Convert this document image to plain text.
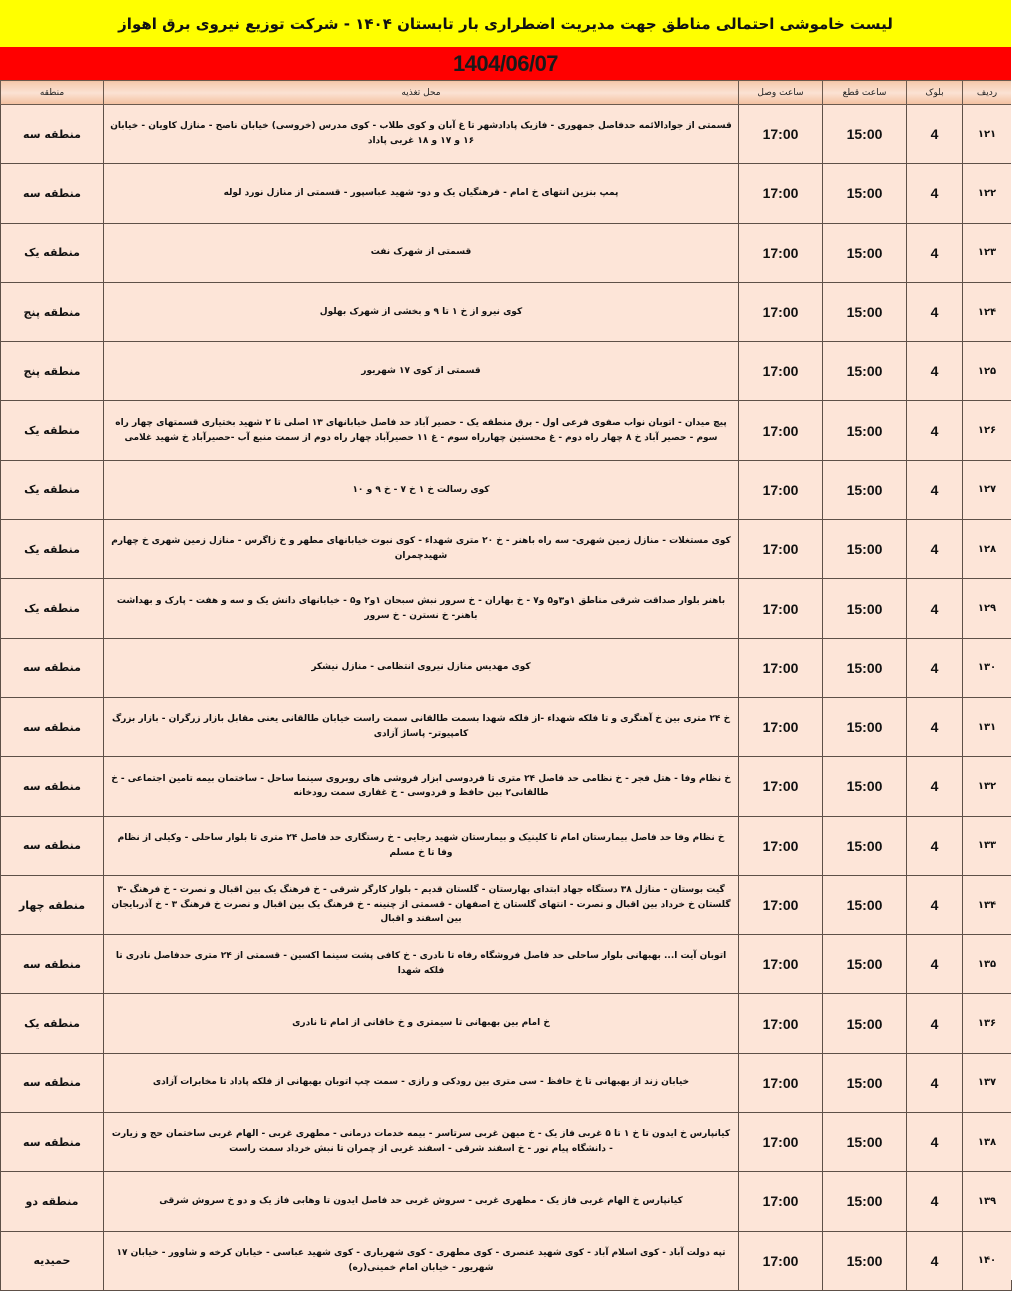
لیست خاموشی احتمالی مناطق جهت مدیریت اضطراری بار تابستان ۱۴۰۴ - شرکت توزیع نیروی برق اهواز
1404/06/07
منطقه	محل تغذیه	ساعت وصل	ساعت قطع	بلوک	ردیف
منطقه سه	قسمتی از جوادالائمه حدفاصل جمهوری - فازیک پادادشهر تا غ آبان و کوی طلاب - کوی مدرس (خروسی) خیابان ناصح - منازل کاویان - خیابان ۱۶ و ۱۷ و ۱۸ غربی پاداد	17:00	15:00	4	۱۲۱
منطقه سه	پمپ بنزین انتهای خ امام - فرهنگیان یک و دو- شهید عباسپور - قسمتی از منازل نورد لوله	17:00	15:00	4	۱۲۲
منطقه یک	قسمتی از شهرک نفت	17:00	15:00	4	۱۲۳
منطقه پنج	کوی نیرو از خ ۱ تا ۹ و بخشی از شهرک بهلول	17:00	15:00	4	۱۲۴
منطقه پنج	قسمتی از کوی ۱۷ شهریور	17:00	15:00	4	۱۲۵
منطقه یک	پیچ میدان - اتوبان نواب صفوی فرعی اول - برق منطقه یک - حصیر آباد حد فاصل خیابانهای ۱۳ اصلی تا ۲ شهید بختیاری قسمتهای چهار راه سوم - حصیر آباد خ ۸ چهار راه دوم - غ محسنین چهارراه سوم - غ ۱۱ حصیرآباد چهار راه دوم از سمت منبع آب -حصیرآباد خ شهید غلامی	17:00	15:00	4	۱۲۶
منطقه یک	کوی رسالت خ ۱ خ ۷ - خ ۹ و ۱۰	17:00	15:00	4	۱۲۷
منطقه یک	کوی مستغلات - منازل زمین شهری- سه راه باهنر - خ ۲۰ متری شهداء - کوی نبوت خیابانهای مطهر و خ زاگرس - منازل زمین شهری خ چهارم شهیدچمران	17:00	15:00	4	۱۲۸
منطقه یک	باهنر بلوار صداقت شرقی مناطق ۱و۳و۵ و۷ - خ بهاران - خ سرور نبش سبحان ۱و۲ و۵ - خیابانهای دانش یک و سه و هفت - پارک و بهداشت باهنر- خ نسترن - خ سرور	17:00	15:00	4	۱۲۹
منطقه سه	کوی مهدیس منازل نیروی انتظامی - منازل نیشکر	17:00	15:00	4	۱۳۰
منطقه سه	خ ۲۴ متری بین خ آهنگری و تا فلکه شهداء -از فلکه شهدا بسمت طالقانی سمت راست خیابان طالقانی یعنی مقابل بازار زرگران - بازار بزرگ کامپیوتر- پاساژ آزادی	17:00	15:00	4	۱۳۱
منطقه سه	خ نظام وفا - هتل فجر - خ نظامی حد فاصل ۲۴ متری تا فردوسی ابزار فروشی های روبروی سینما ساحل - ساختمان بیمه تامین اجتماعی - خ طالقانی۲ بین حافظ و فردوسی - خ غفاری سمت رودخانه	17:00	15:00	4	۱۳۲
منطقه سه	خ نظام وفا حد فاصل بیمارستان امام تا کلینیک و بیمارستان شهید رجایی - خ رستگاری حد فاصل ۲۴ متری تا بلوار ساحلی - وکیلی از نظام وفا تا خ مسلم	17:00	15:00	4	۱۳۳
منطقه چهار	گیت بوستان - منازل ۳۸ دستگاه جهاد ابتدای بهارستان - گلستان قدیم - بلوار کارگر شرقی - خ فرهنگ یک بین اقبال و نصرت - خ فرهنگ -۳ گلستان خ خرداد بین اقبال و نصرت - انتهای گلستان خ اصفهان - قسمتی از چنینه - خ فرهنگ یک بین اقبال و نصرت خ فرهنگ ۳ - خ آذربایجان بین اسفند و اقبال	17:00	15:00	4	۱۳۴
منطقه سه	اتوبان آیت ا... بهبهانی بلوار ساحلی حد فاصل فروشگاه رفاه تا نادری - خ کافی پشت سینما اکسین - قسمتی از ۲۴ متری حدفاصل نادری تا فلکه شهدا	17:00	15:00	4	۱۳۵
منطقه یک	خ امام بین بهبهانی تا سیمتری و خ خاقانی از امام تا نادری	17:00	15:00	4	۱۳۶
منطقه سه	خیابان زند از بهبهانی تا خ حافظ - سی متری بین رودکی و رازی - سمت چپ اتوبان بهبهانی از فلکه پاداد تا مخابرات آزادی	17:00	15:00	4	۱۳۷
منطقه سه	کیانپارس خ ایدون تا خ ۱ تا ۵ غربی فاز یک - خ میهن غربی سرتاسر - بیمه خدمات درمانی - مطهری غربی - الهام غربی ساختمان حج و زیارت - دانشگاه پیام نور - خ اسفند شرقی - اسفند غربی از چمران تا نبش خرداد سمت راست	17:00	15:00	4	۱۳۸
منطقه دو	کیانپارس خ الهام غربی فاز یک - مطهری غربی - سروش غربی حد فاصل ایدون تا وهابی فاز یک و دو خ سروش شرقی	17:00	15:00	4	۱۳۹
حمیدیه	تپه دولت آباد - کوی اسلام آباد - کوی شهید عنصری - کوی مطهری - کوی شهریاری - کوی شهید عباسی - خیابان کرخه و شاوور - خیابان ۱۷ شهریور - خیابان امام خمینی(ره)	17:00	15:00	4	۱۴۰
